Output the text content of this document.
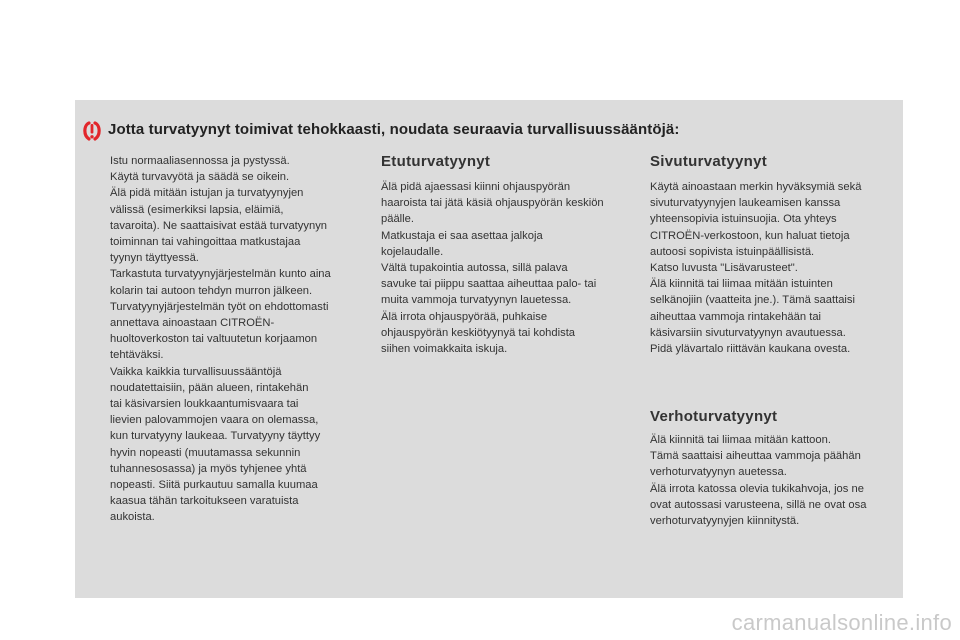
Jotta turvatyynyt toimivat tehokkaasti, noudata seuraavia turvallisuussääntöjä:

Istu normaaliasennossa ja pystyssä.
Käytä turvavyötä ja säädä se oikein.
Älä pidä mitään istujan ja turvatyynyjen
välissä (esimerkiksi lapsia, eläimiä,
tavaroita). Ne saattaisivat estää turvatyynyn
toiminnan tai vahingoittaa matkustajaa
tyynyn täyttyessä.
Tarkastuta turvatyynyjärjestelmän kunto aina
kolarin tai autoon tehdyn murron jälkeen.
Turvatyynyjärjestelmän työt on ehdottomasti
annettava ainoastaan CITROËN-
huoltoverkoston tai valtuutetun korjaamon
tehtäväksi.
Vaikka kaikkia turvallisuussääntöjä
noudatettaisiin, pään alueen, rintakehän
tai käsivarsien loukkaantumisvaara tai
lievien palovammojen vaara on olemassa,
kun turvatyyny laukeaa. Turvatyyny täyttyy
hyvin nopeasti (muutamassa sekunnin
tuhannesosassa) ja myös tyhjenee yhtä
nopeasti. Siitä purkautuu samalla kuumaa
kaasua tähän tarkoitukseen varatuista
aukoista.

Etuturvatyynyt

Älä pidä ajaessasi kiinni ohjauspyörän
haaroista tai jätä käsiä ohjauspyörän keskiön
päälle.
Matkustaja ei saa asettaa jalkoja
kojelaudalle.
Vältä tupakointia autossa, sillä palava
savuke tai piippu saattaa aiheuttaa palo- tai
muita vammoja turvatyynyn lauetessa.
Älä irrota ohjauspyörää, puhkaise
ohjauspyörän keskiötyynyä tai kohdista
siihen voimakkaita iskuja.

Sivuturvatyynyt

Käytä ainoastaan merkin hyväksymiä sekä
sivuturvatyynyjen laukeamisen kanssa
yhteensopivia istuinsuojia. Ota yhteys
CITROËN-verkostoon, kun haluat tietoja
autoosi sopivista istuinpäällisistä.
Katso luvusta "Lisävarusteet".
Älä kiinnitä tai liimaa mitään istuinten
selkänojiin (vaatteita jne.). Tämä saattaisi
aiheuttaa vammoja rintakehään tai
käsivarsiin sivuturvatyynyn avautuessa.
Pidä ylävartalo riittävän kaukana ovesta.

Verhoturvatyynyt

Älä kiinnitä tai liimaa mitään kattoon.
Tämä saattaisi aiheuttaa vammoja päähän
verhoturvatyynyn auetessa.
Älä irrota katossa olevia tukikahvoja, jos ne
ovat autossasi varusteena, sillä ne ovat osa
verhoturvatyynyjen kiinnitystä.

carmanualsonline.info
